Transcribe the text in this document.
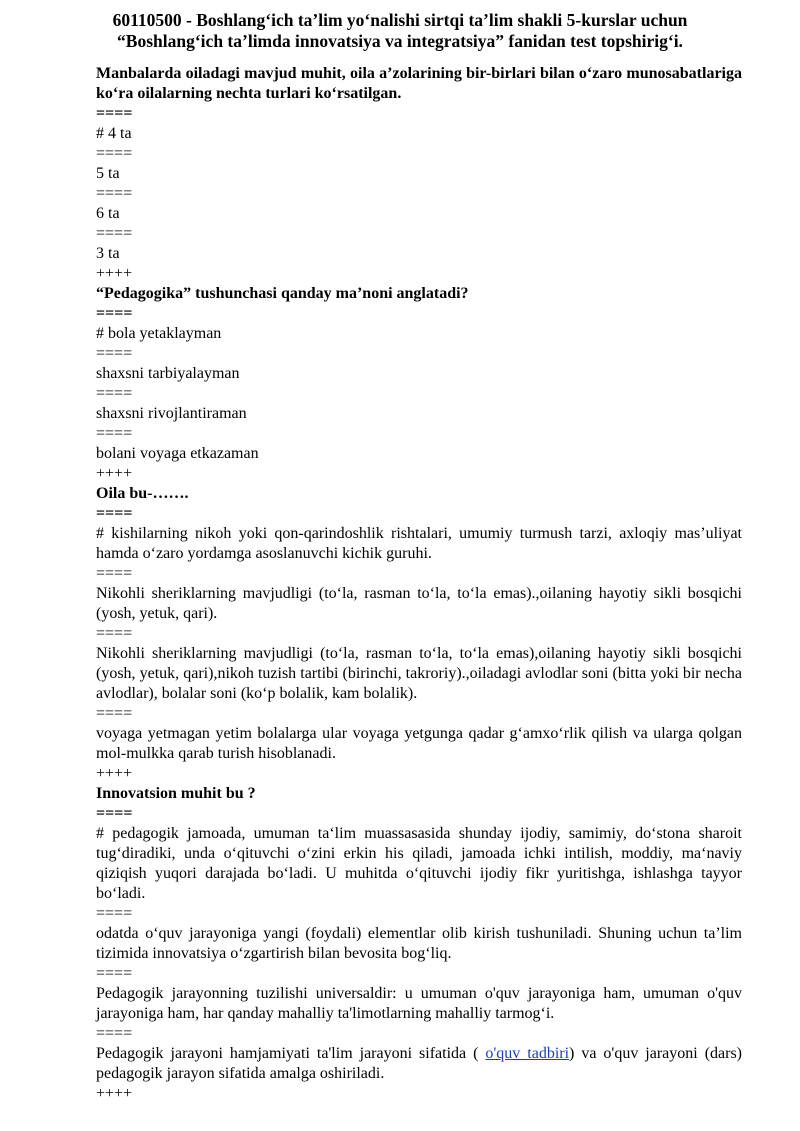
60110500 - Boshlang‘ich ta’lim yo‘nalishi sirtqi ta’lim shakli 5-kurslar uchun
“Boshlang‘ich ta’limda innovatsiya va integratsiya” fanidan test topshirig‘i.
Manbalarda oiladagi mavjud muhit, oila a’zolarining bir-birlari bilan o‘zaro munosabatlariga ko‘ra oilalarning nechta turlari ko‘rsatilgan.
====
# 4 ta
====
5 ta
====
6 ta
====
3 ta
++++
“Pedagogika” tushunchasi qanday ma’noni anglatadi?
====
# bola yetaklayman
====
shaxsni tarbiyalayman
====
shaxsni rivojlantiraman
====
bolani voyaga etkazaman
++++
Oila bu-…….
====
# kishilarning nikoh yoki qon-qarindoshlik rishtalari, umumiy turmush tarzi, axloqiy mas’uliyat hamda o‘zaro yordamga asoslanuvchi kichik guruhi.
====
Nikohli sheriklarning mavjudligi (to‘la, rasman to‘la, to‘la emas).,oilaning hayotiy sikli bosqichi (yosh, yetuk, qari).
====
Nikohli sheriklarning mavjudligi (to‘la, rasman to‘la, to‘la emas),oilaning hayotiy sikli bosqichi (yosh, yetuk, qari),nikoh tuzish tartibi (birinchi, takroriy).,oiladagi avlodlar soni (bitta yoki bir necha avlodlar), bolalar soni (ko‘p bolalik, kam bolalik).
====
voyaga yetmagan yetim bolalarga ular voyaga yetgunga qadar g‘amxo‘rlik qilish va ularga qolgan mol-mulkka qarab turish hisoblanadi.
++++
Innovatsion muhit bu ?
====
# pedagogik jamoada, umuman ta‘lim muassasasida shunday ijodiy, samimiy, do‘stona sharoit tug‘diradiki, unda o‘qituvchi o‘zini erkin his qiladi, jamoada ichki intilish, moddiy, ma‘naviy qiziqish yuqori darajada bo‘ladi. U muhitda o‘qituvchi ijodiy fikr yuritishga, ishlashga tayyor bo‘ladi.
====
odatda o‘quv jarayoniga yangi (foydali) elementlar olib kirish tushuniladi. Shuning uchun ta’lim tizimida innovatsiya o‘zgartirish bilan bevosita bog‘liq.
====
Pedagogik jarayonning tuzilishi universaldir: u umuman o'quv jarayoniga ham, umuman o'quv jarayoniga ham, har qanday mahalliy ta'limotlarning mahalliy tarmog‘i.
====
Pedagogik jarayoni hamjamiyati ta'lim jarayoni sifatida ( o'quv tadbiri) va o'quv jarayoni (dars) pedagogik jarayon sifatida amalga oshiriladi.
++++
